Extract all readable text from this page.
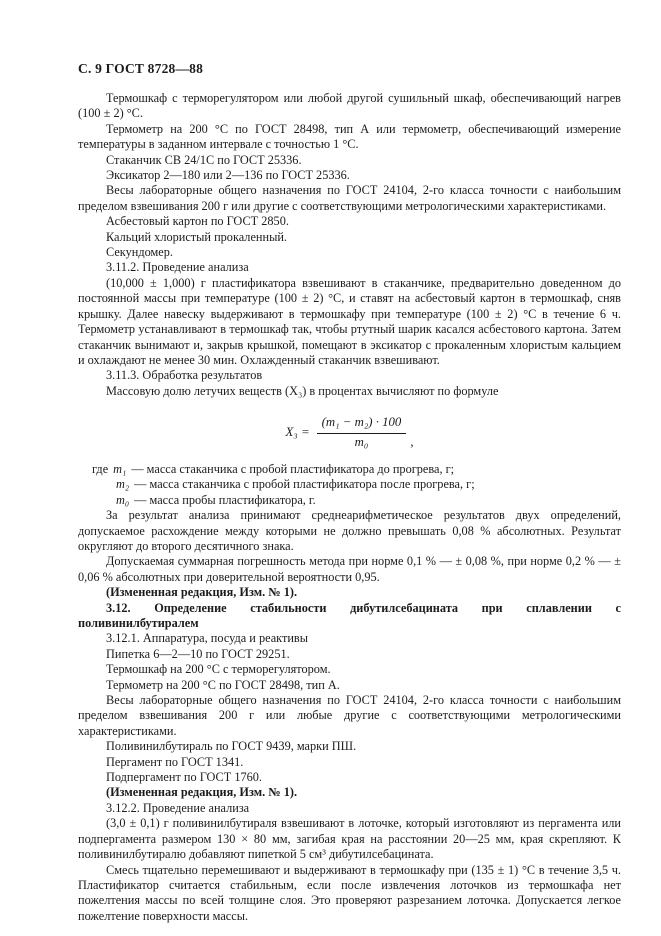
С. 9 ГОСТ 8728—88

Термошкаф с терморегулятором или любой другой сушильный шкаф, обеспечивающий нагрев (100 ± 2) °С.

Термометр на 200 °С по ГОСТ 28498, тип А или термометр, обеспечивающий измерение температуры в заданном интервале с точностью 1 °С.

Стаканчик СВ 24/1С по ГОСТ 25336.

Эксикатор 2—180 или 2—136 по ГОСТ 25336.

Весы лабораторные общего назначения по ГОСТ 24104, 2-го класса точности с наибольшим пределом взвешивания 200 г или другие с соответствующими метрологическими характеристиками.

Асбестовый картон по ГОСТ 2850.

Кальций хлористый прокаленный.

Секундомер.

3.11.2. Проведение анализа

(10,000 ± 1,000) г пластификатора взвешивают в стаканчике, предварительно доведенном до постоянной массы при температуре (100 ± 2) °С, и ставят на асбестовый картон в термошкаф, сняв крышку. Далее навеску выдерживают в термошкафу при температуре (100 ± 2) °С в течение 6 ч. Термометр устанавливают в термошкаф так, чтобы ртутный шарик касался асбестового картона. Затем стаканчик вынимают и, закрыв крышкой, помещают в эксикатор с прокаленным хлористым кальцием и охлаждают не менее 30 мин. Охлажденный стаканчик взвешивают.

3.11.3. Обработка результатов

Массовую долю летучих веществ (X₃) в процентах вычисляют по формуле

$X_3 = \frac{\text{(m₁ − m₂) · 100}}{\text{m₀}}$ ,

где m₁ — масса стаканчика с пробой пластификатора до прогрева, г;

m₂ — масса стаканчика с пробой пластификатора после прогрева, г;

m₀ — масса пробы пластификатора, г.

За результат анализа принимают среднеарифметическое результатов двух определений, допускаемое расхождение между которыми не должно превышать 0,08 % абсолютных. Результат округляют до второго десятичного знака.

Допускаемая суммарная погрешность метода при норме 0,1 % — ± 0,08 %, при норме 0,2 % — ± 0,06 % абсолютных при доверительной вероятности 0,95.

(Измененная редакция, Изм. № 1).

3.12. Определение стабильности дибутилсебацината при сплавлении с поливинилбутиралем

3.12.1. Аппаратура, посуда и реактивы

Пипетка 6—2—10 по ГОСТ 29251.

Термошкаф на 200 °С с терморегулятором.

Термометр на 200 °С по ГОСТ 28498, тип А.

Весы лабораторные общего назначения по ГОСТ 24104, 2-го класса точности с наибольшим пределом взвешивания 200 г или любые другие с соответствующими метрологическими характеристиками.

Поливинилбутираль по ГОСТ 9439, марки ПШ.

Пергамент по ГОСТ 1341.

Подпергамент по ГОСТ 1760.

(Измененная редакция, Изм. № 1).

3.12.2. Проведение анализа

(3,0 ± 0,1) г поливинилбутираля взвешивают в лоточке, который изготовляют из пергамента или подпергамента размером 130 × 80 мм, загибая края на расстоянии 20—25 мм, края скрепляют. К поливинилбутиралю добавляют пипеткой 5 см³ дибутилсебацината.

Смесь тщательно перемешивают и выдерживают в термошкафу при (135 ± 1) °С в течение 3,5 ч. Пластификатор считается стабильным, если после извлечения лоточков из термошкафа нет пожелтения массы по всей толщине слоя. Это проверяют разрезанием лоточка. Допускается легкое пожелтение поверхности массы.
